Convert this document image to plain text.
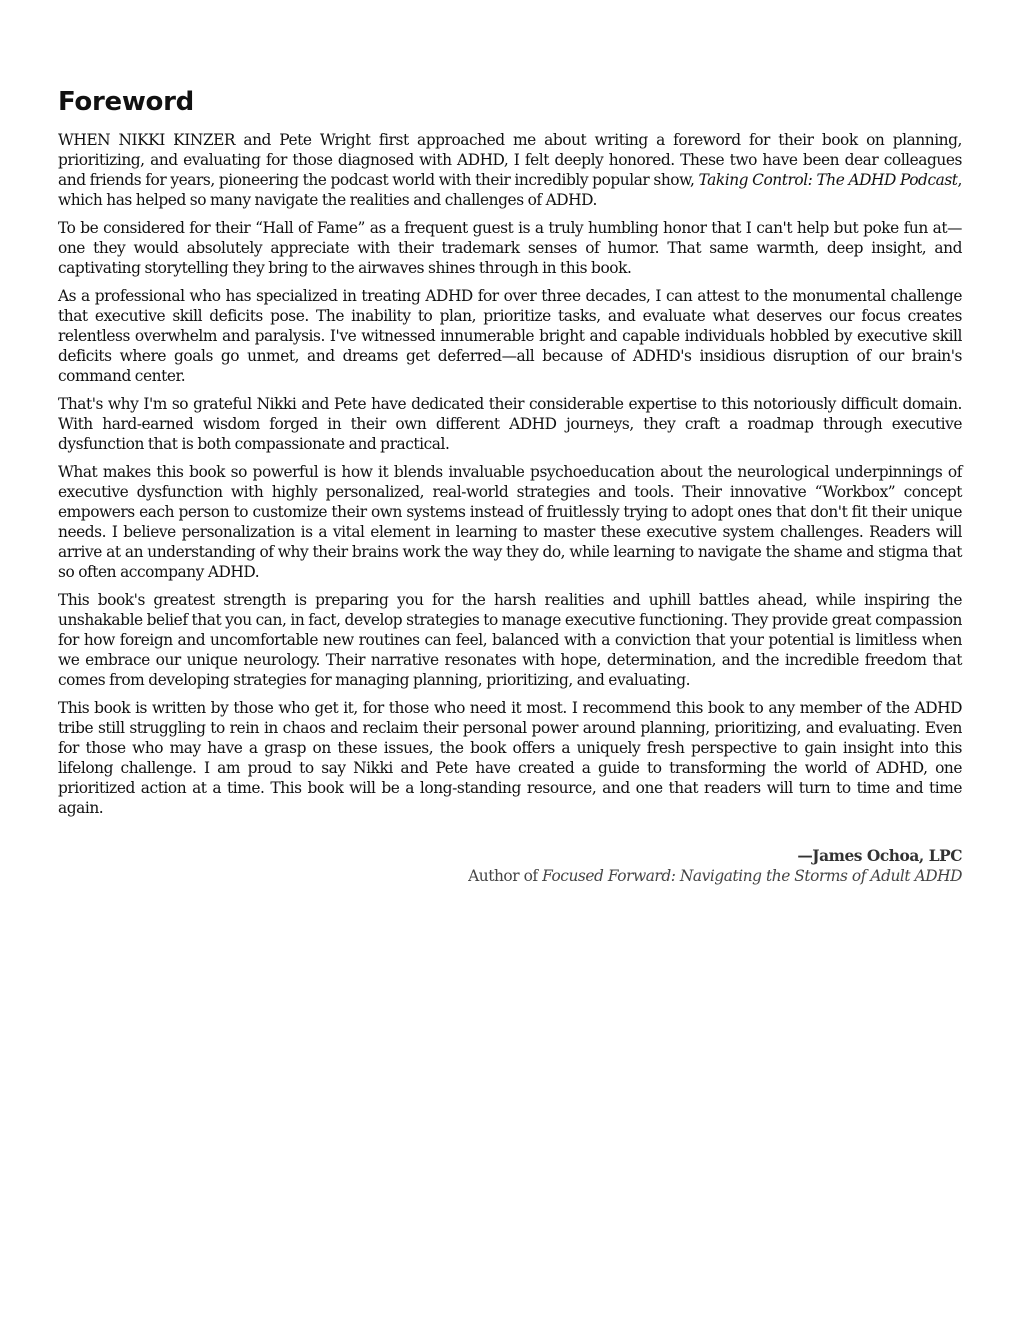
Foreword

WHEN NIKKI KINZER and Pete Wright first approached me about writing a foreword for their book on planning, prioritizing, and evaluating for those diagnosed with ADHD, I felt deeply honored. These two have been dear colleagues and friends for years, pioneering the podcast world with their incredibly popular show, Taking Control: The ADHD Podcast, which has helped so many navigate the realities and challenges of ADHD.

To be considered for their “Hall of Fame” as a frequent guest is a truly humbling honor that I can't help but poke fun at—one they would absolutely appreciate with their trademark senses of humor. That same warmth, deep insight, and captivating storytelling they bring to the airwaves shines through in this book.

As a professional who has specialized in treating ADHD for over three decades, I can attest to the monumental challenge that executive skill deficits pose. The inability to plan, prioritize tasks, and evaluate what deserves our focus creates relentless overwhelm and paralysis. I've witnessed innumerable bright and capable individuals hobbled by executive skill deficits where goals go unmet, and dreams get deferred—all because of ADHD's insidious disruption of our brain's command center.

That's why I'm so grateful Nikki and Pete have dedicated their considerable expertise to this notoriously difficult domain. With hard-earned wisdom forged in their own different ADHD journeys, they craft a roadmap through executive dysfunction that is both compassionate and practical.

What makes this book so powerful is how it blends invaluable psychoeducation about the neurological underpinnings of executive dysfunction with highly personalized, real-world strategies and tools. Their innovative “Workbox” concept empowers each person to customize their own systems instead of fruitlessly trying to adopt ones that don't fit their unique needs. I believe personalization is a vital element in learning to master these executive system challenges. Readers will arrive at an understanding of why their brains work the way they do, while learning to navigate the shame and stigma that so often accompany ADHD.

This book's greatest strength is preparing you for the harsh realities and uphill battles ahead, while inspiring the unshakable belief that you can, in fact, develop strategies to manage executive functioning. They provide great compassion for how foreign and uncomfortable new routines can feel, balanced with a conviction that your potential is limitless when we embrace our unique neurology. Their narrative resonates with hope, determination, and the incredible freedom that comes from developing strategies for managing planning, prioritizing, and evaluating.

This book is written by those who get it, for those who need it most. I recommend this book to any member of the ADHD tribe still struggling to rein in chaos and reclaim their personal power around planning, prioritizing, and evaluating. Even for those who may have a grasp on these issues, the book offers a uniquely fresh perspective to gain insight into this lifelong challenge. I am proud to say Nikki and Pete have created a guide to transforming the world of ADHD, one prioritized action at a time. This book will be a long-standing resource, and one that readers will turn to time and time again.

—James Ochoa, LPC
Author of Focused Forward: Navigating the Storms of Adult ADHD
